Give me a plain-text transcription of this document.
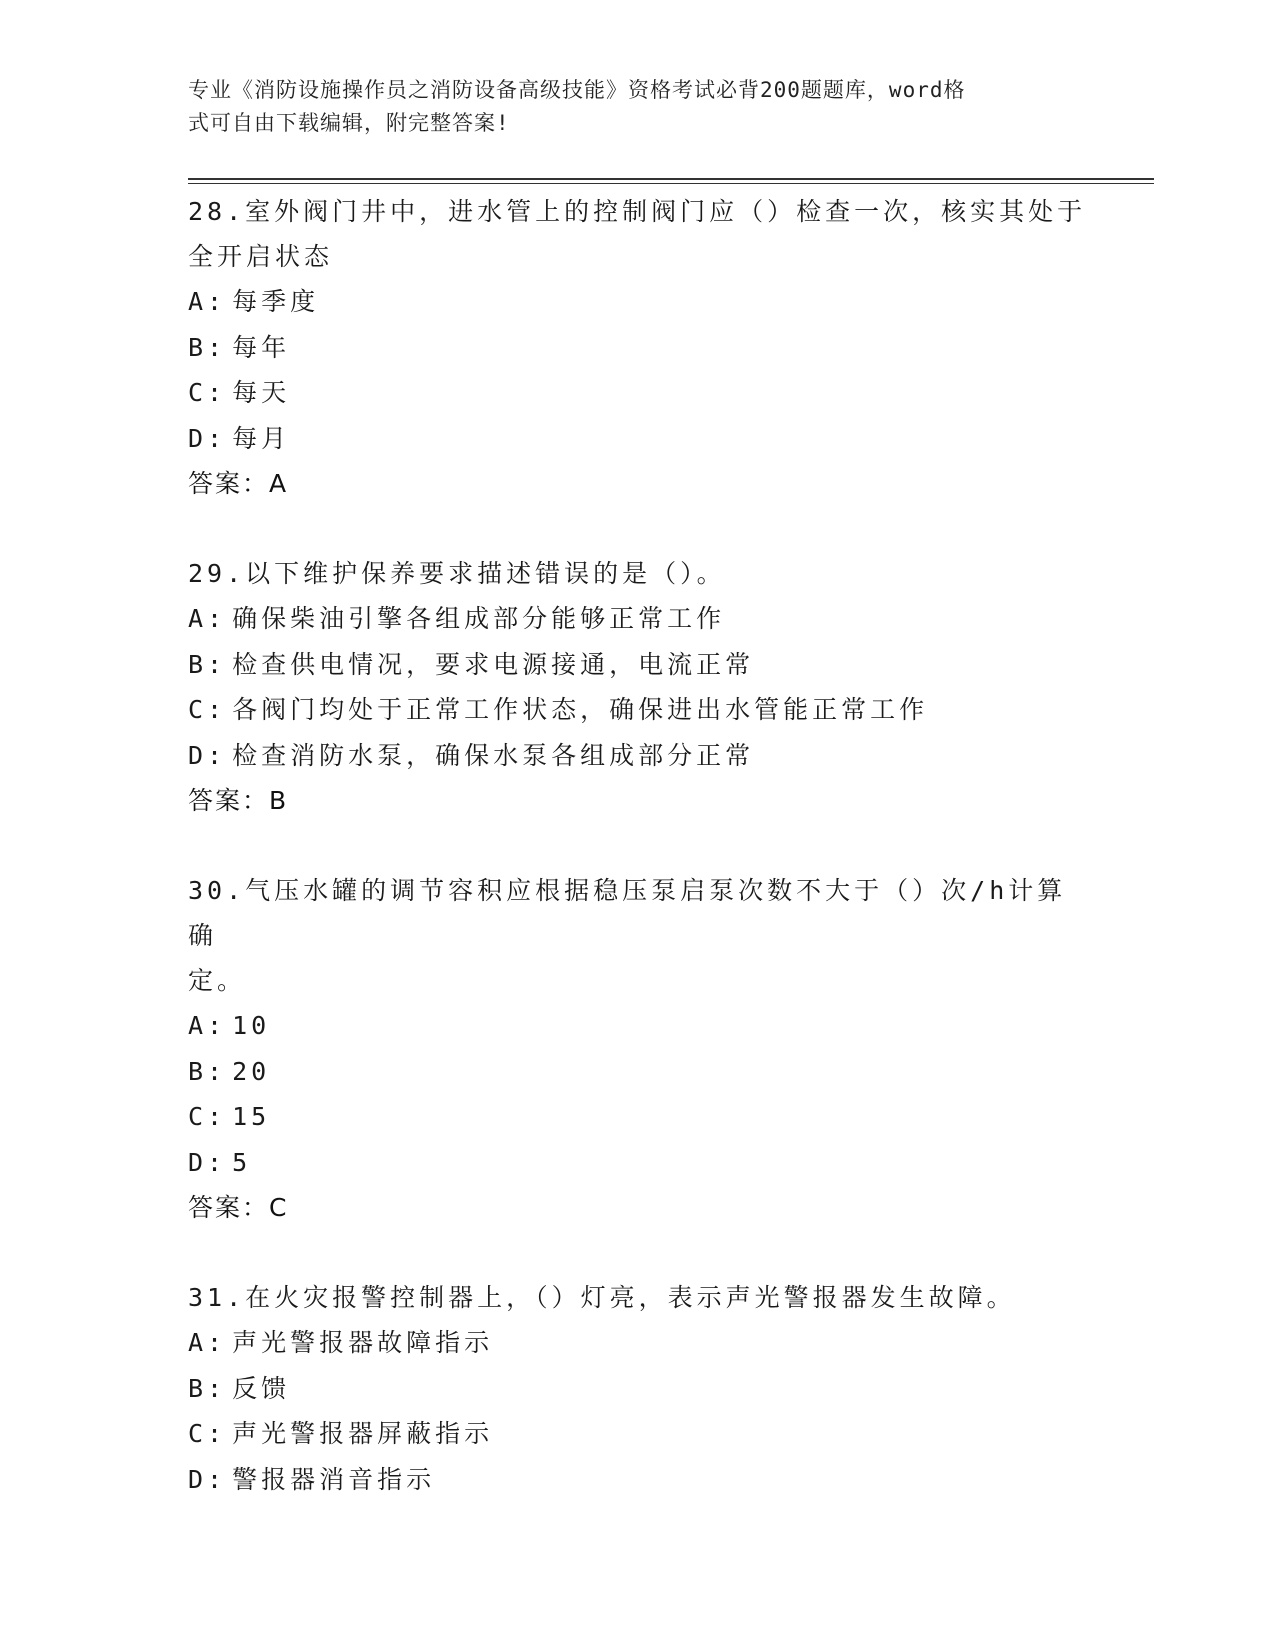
专业《消防设施操作员之消防设备高级技能》资格考试必背200题题库，word格
式可自由下载编辑，附完整答案!
28.室外阀门井中，进水管上的控制阀门应（）检查一次，核实其处于
全开启状态
A: 每季度
B: 每年
C: 每天
D: 每月
答案：A
29.以下维护保养要求描述错误的是（）。
A: 确保柴油引擎各组成部分能够正常工作
B: 检查供电情况，要求电源接通，电流正常
C: 各阀门均处于正常工作状态，确保进出水管能正常工作
D: 检查消防水泵，确保水泵各组成部分正常
答案：B
30.气压水罐的调节容积应根据稳压泵启泵次数不大于（）次/h计算确
定。
A: 10
B: 20
C: 15
D: 5
答案：C
31.在火灾报警控制器上，（）灯亮，表示声光警报器发生故障。
A: 声光警报器故障指示
B: 反馈
C: 声光警报器屏蔽指示
D: 警报器消音指示
